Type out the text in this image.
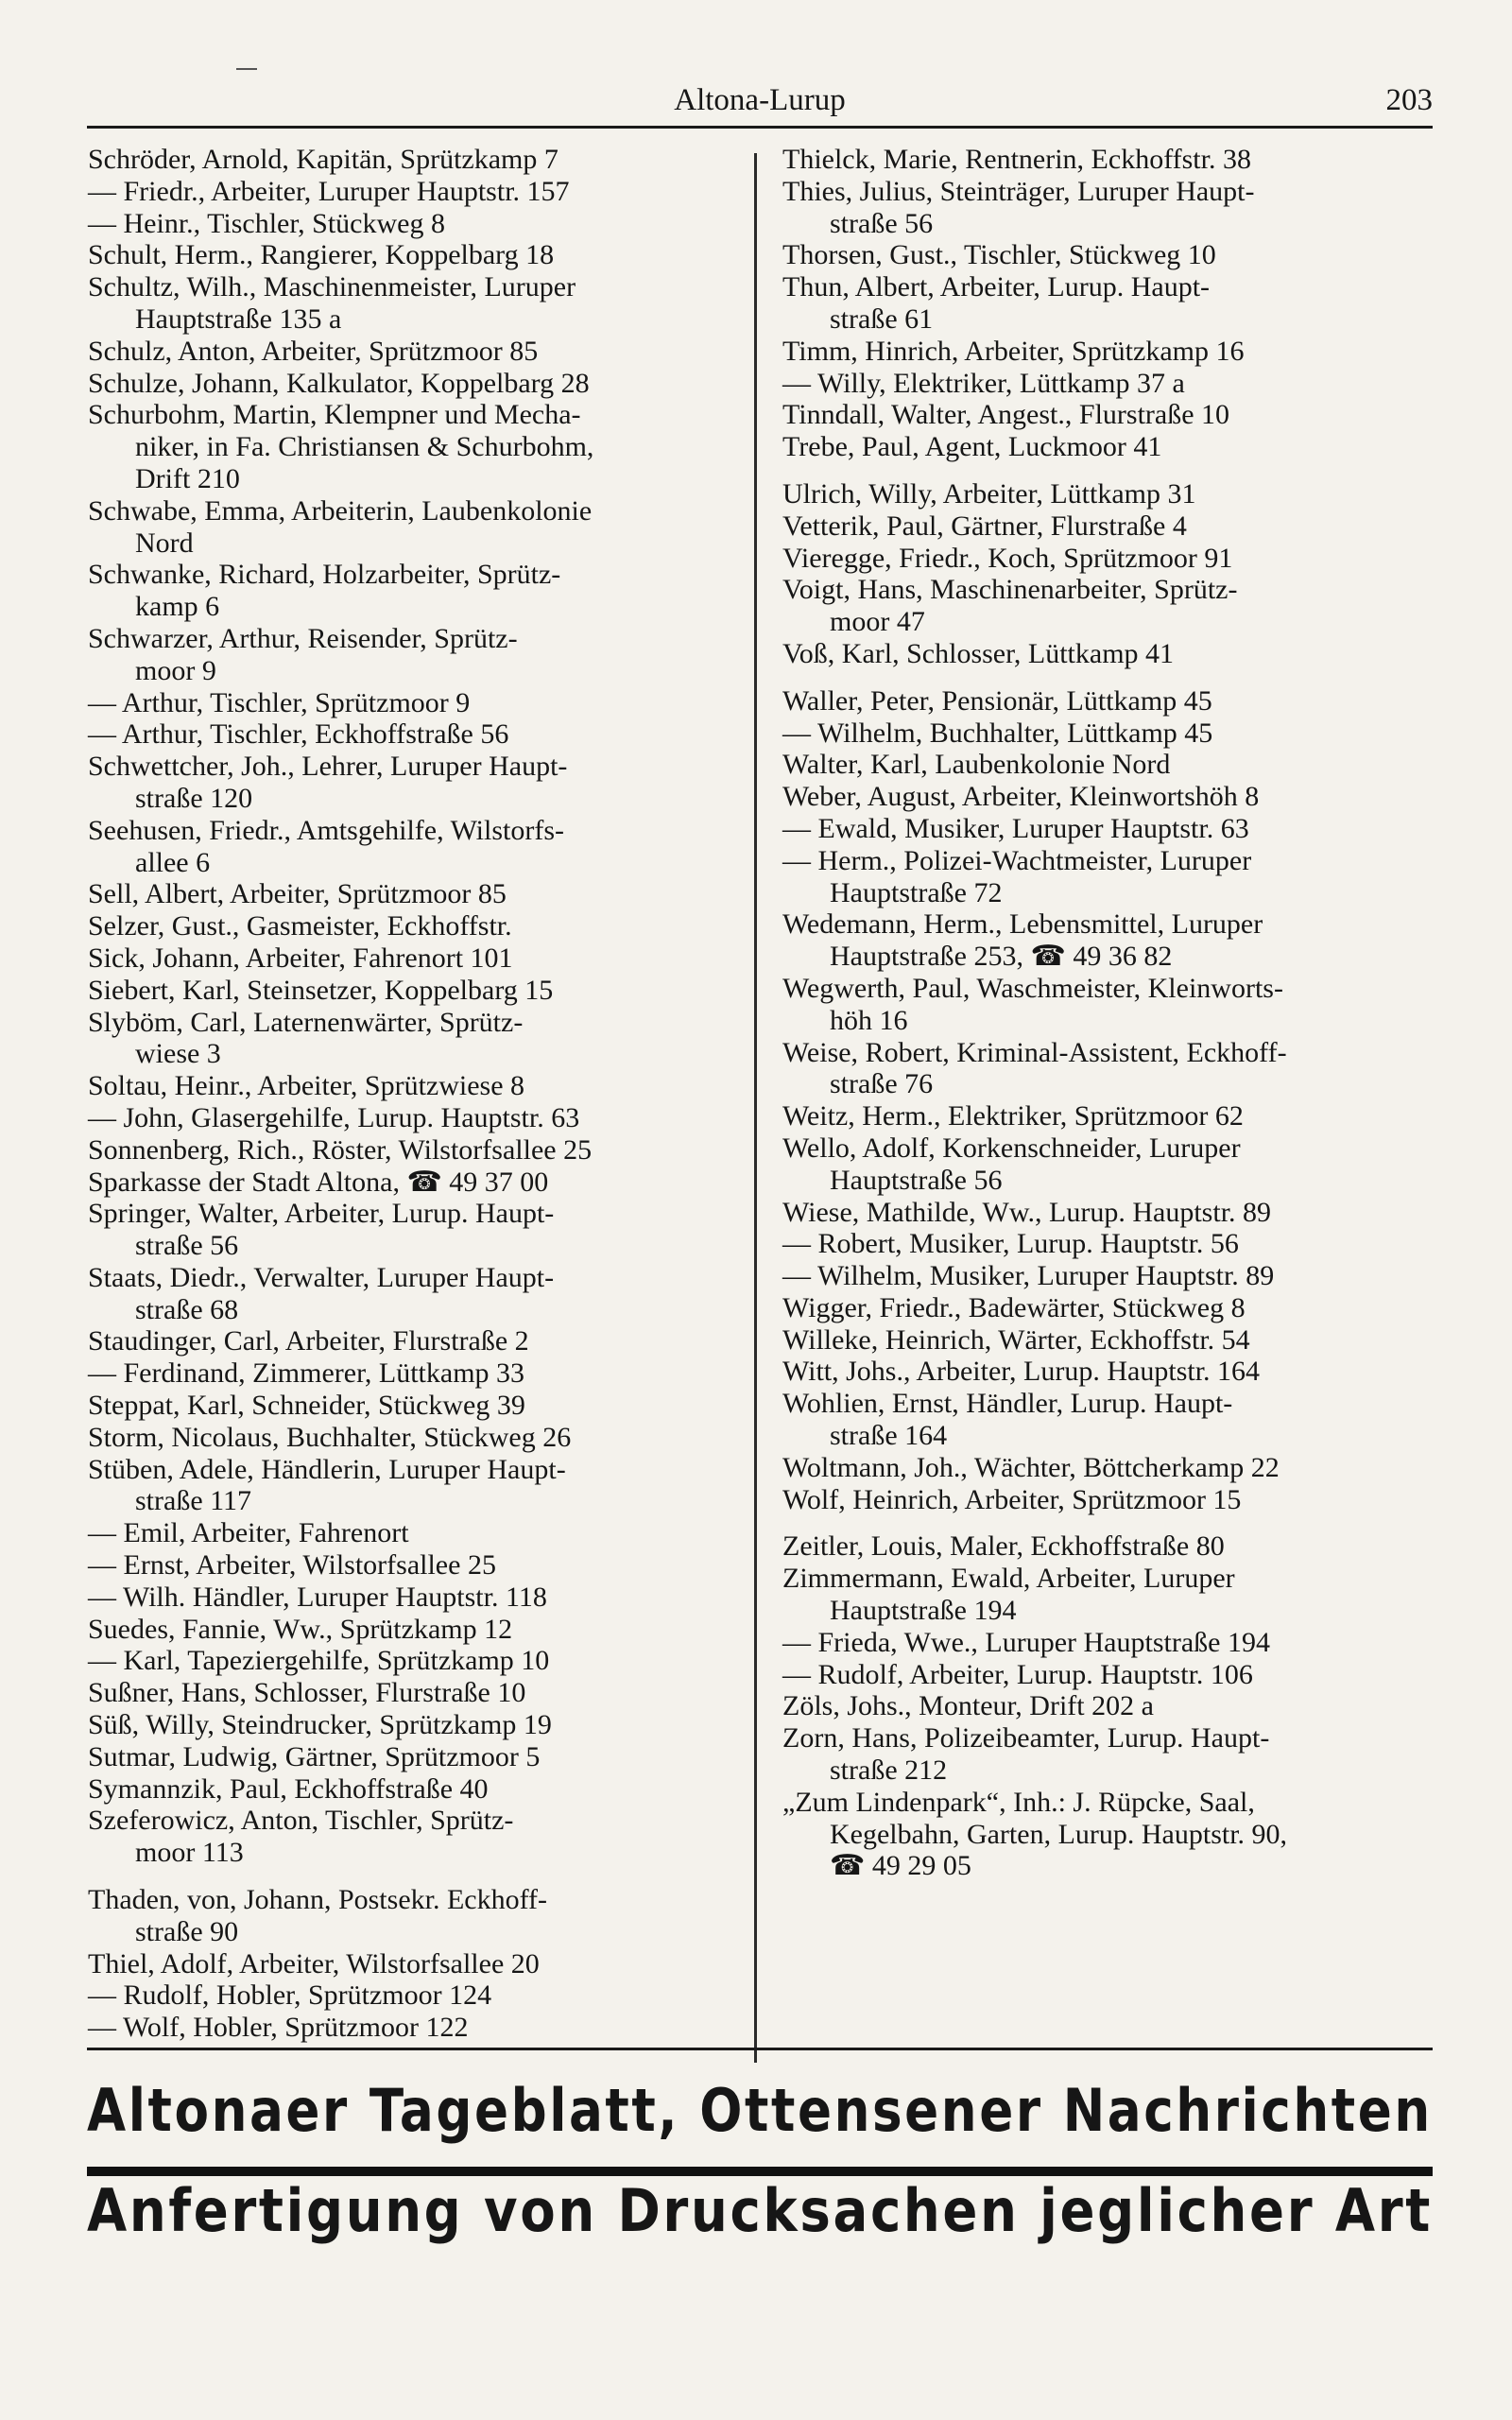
Altona-Lurup	203
Schröder, Arnold, Kapitän, Sprützkamp 7
— Friedr., Arbeiter, Luruper Hauptstr. 157
— Heinr., Tischler, Stückweg 8
Schult, Herm., Rangierer, Koppelbarg 18
Schultz, Wilh., Maschinenmeister, Luruper
Hauptstraße 135 a
Schulz, Anton, Arbeiter, Sprützmoor 85
Schulze, Johann, Kalkulator, Koppelbarg 28
Schurbohm, Martin, Klempner und Mecha-
niker, in Fa. Christiansen & Schurbohm,
Drift 210
Schwabe, Emma, Arbeiterin, Laubenkolonie
Nord
Schwanke, Richard, Holzarbeiter, Sprütz-
kamp 6
Schwarzer, Arthur, Reisender, Sprütz-
moor 9
— Arthur, Tischler, Sprützmoor 9
— Arthur, Tischler, Eckhoffstraße 56
Schwettcher, Joh., Lehrer, Luruper Haupt-
straße 120
Seehusen, Friedr., Amtsgehilfe, Wilstorfs-
allee 6
Sell, Albert, Arbeiter, Sprützmoor 85
Selzer, Gust., Gasmeister, Eckhoffstr.
Sick, Johann, Arbeiter, Fahrenort 101
Siebert, Karl, Steinsetzer, Koppelbarg 15
Slyböm, Carl, Laternenwärter, Sprütz-
wiese 3
Soltau, Heinr., Arbeiter, Sprützwiese 8
— John, Glasergehilfe, Lurup. Hauptstr. 63
Sonnenberg, Rich., Röster, Wilstorfsallee 25
Sparkasse der Stadt Altona, ☎ 49 37 00
Springer, Walter, Arbeiter, Lurup. Haupt-
straße 56
Staats, Diedr., Verwalter, Luruper Haupt-
straße 68
Staudinger, Carl, Arbeiter, Flurstraße 2
— Ferdinand, Zimmerer, Lüttkamp 33
Steppat, Karl, Schneider, Stückweg 39
Storm, Nicolaus, Buchhalter, Stückweg 26
Stüben, Adele, Händlerin, Luruper Haupt-
straße 117
— Emil, Arbeiter, Fahrenort
— Ernst, Arbeiter, Wilstorfsallee 25
— Wilh. Händler, Luruper Hauptstr. 118
Suedes, Fannie, Ww., Sprützkamp 12
— Karl, Tapeziergehilfe, Sprützkamp 10
Sußner, Hans, Schlosser, Flurstraße 10
Süß, Willy, Steindrucker, Sprützkamp 19
Sutmar, Ludwig, Gärtner, Sprützmoor 5
Symannzik, Paul, Eckhoffstraße 40
Szeferowicz, Anton, Tischler, Sprütz-
moor 113
Thaden, von, Johann, Postsekr. Eckhoff-
straße 90
Thiel, Adolf, Arbeiter, Wilstorfsallee 20
— Rudolf, Hobler, Sprützmoor 124
— Wolf, Hobler, Sprützmoor 122
Thielck, Marie, Rentnerin, Eckhoffstr. 38
Thies, Julius, Steinträger, Luruper Haupt-
straße 56
Thorsen, Gust., Tischler, Stückweg 10
Thun, Albert, Arbeiter, Lurup. Haupt-
straße 61
Timm, Hinrich, Arbeiter, Sprützkamp 16
— Willy, Elektriker, Lüttkamp 37 a
Tinndall, Walter, Angest., Flurstraße 10
Trebe, Paul, Agent, Luckmoor 41
Ulrich, Willy, Arbeiter, Lüttkamp 31
Vetterik, Paul, Gärtner, Flurstraße 4
Vieregge, Friedr., Koch, Sprützmoor 91
Voigt, Hans, Maschinenarbeiter, Sprütz-
moor 47
Voß, Karl, Schlosser, Lüttkamp 41
Waller, Peter, Pensionär, Lüttkamp 45
— Wilhelm, Buchhalter, Lüttkamp 45
Walter, Karl, Laubenkolonie Nord
Weber, August, Arbeiter, Kleinwortshöh 8
— Ewald, Musiker, Luruper Hauptstr. 63
— Herm., Polizei-Wachtmeister, Luruper
Hauptstraße 72
Wedemann, Herm., Lebensmittel, Luruper
Hauptstraße 253, ☎ 49 36 82
Wegwerth, Paul, Waschmeister, Kleinworts-
höh 16
Weise, Robert, Kriminal-Assistent, Eckhoff-
straße 76
Weitz, Herm., Elektriker, Sprützmoor 62
Wello, Adolf, Korkenschneider, Luruper
Hauptstraße 56
Wiese, Mathilde, Ww., Lurup. Hauptstr. 89
— Robert, Musiker, Lurup. Hauptstr. 56
— Wilhelm, Musiker, Luruper Hauptstr. 89
Wigger, Friedr., Badewärter, Stückweg 8
Willeke, Heinrich, Wärter, Eckhoffstr. 54
Witt, Johs., Arbeiter, Lurup. Hauptstr. 164
Wohlien, Ernst, Händler, Lurup. Haupt-
straße 164
Woltmann, Joh., Wächter, Böttcherkamp 22
Wolf, Heinrich, Arbeiter, Sprützmoor 15
Zeitler, Louis, Maler, Eckhoffstraße 80
Zimmermann, Ewald, Arbeiter, Luruper
Hauptstraße 194
— Frieda, Wwe., Luruper Hauptstraße 194
— Rudolf, Arbeiter, Lurup. Hauptstr. 106
Zöls, Johs., Monteur, Drift 202 a
Zorn, Hans, Polizeibeamter, Lurup. Haupt-
straße 212
„Zum Lindenpark“, Inh.: J. Rüpcke, Saal,
Kegelbahn, Garten, Lurup. Hauptstr. 90,
☎ 49 29 05
Altonaer Tageblatt, Ottensener Nachrichten
Anfertigung von Drucksachen jeglicher Art
